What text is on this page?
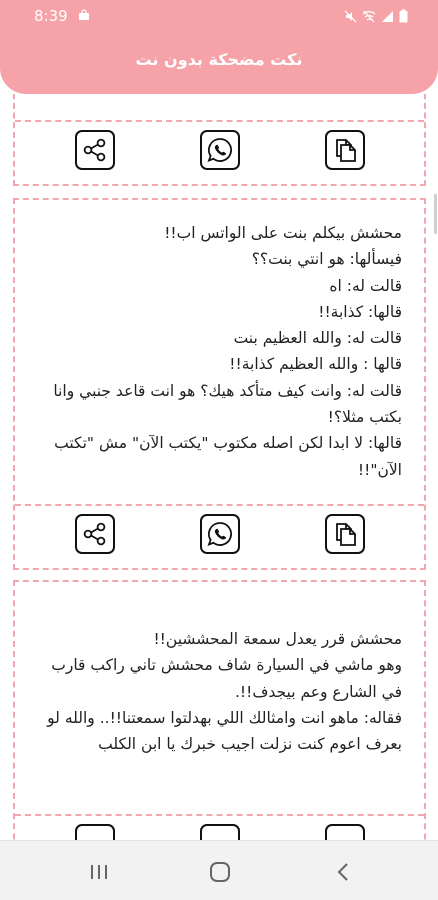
8:39
نكت مضحكة بدون نت
محشش بيكلم بنت على الواتس اب!!
فيسألها: هو انتي بنت؟؟
قالت له: اه
قالها: كذابة!!
قالت له: والله العظيم بنت
قالها : والله العظيم كذابة!!
قالت له: وانت كيف متأكد هيك؟ هو انت قاعد جنبي وانا بكتب مثلا؟!
قالها: لا ابدا لكن اصله مكتوب "يكتب الآن" مش "تكتب الآن"!!
محشش قرر يعدل سمعة المحششين!!
وهو ماشي في السيارة شاف محشش تاني راكب قارب في الشارع وعم بيجدف!!.
فقاله: ماهو انت وامثالك اللي بهدلتوا سمعتنا!!.. والله لو بعرف اعوم كنت نزلت اجيب خبرك يا ابن الكلب
